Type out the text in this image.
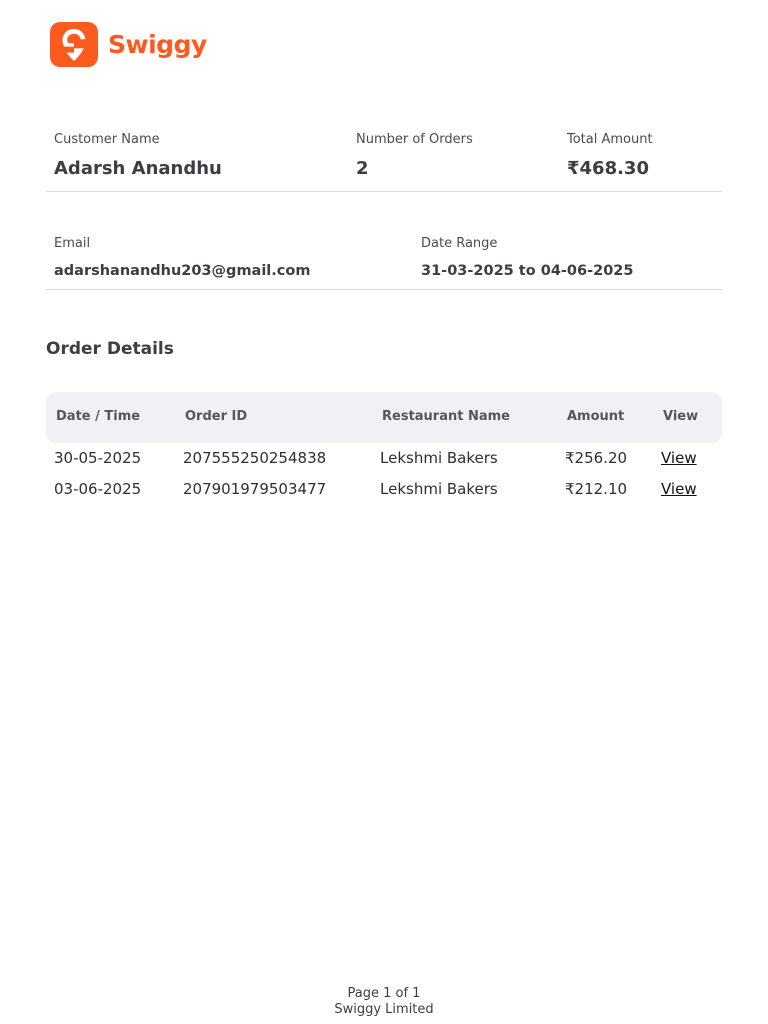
Swiggy
Customer Name
Adarsh Anandhu
Number of Orders
2
Total Amount
₹468.30
Email
adarshanandhu203@gmail.com
Date Range
31-03-2025 to 04-06-2025
Order Details
Date / Time	Order ID	Restaurant Name	Amount	View
30-05-2025	207555250254838	Lekshmi Bakers	₹256.20 View
03-06-2025	207901979503477	Lekshmi Bakers	₹212.10 View
Page 1 of 1
Swiggy Limited
